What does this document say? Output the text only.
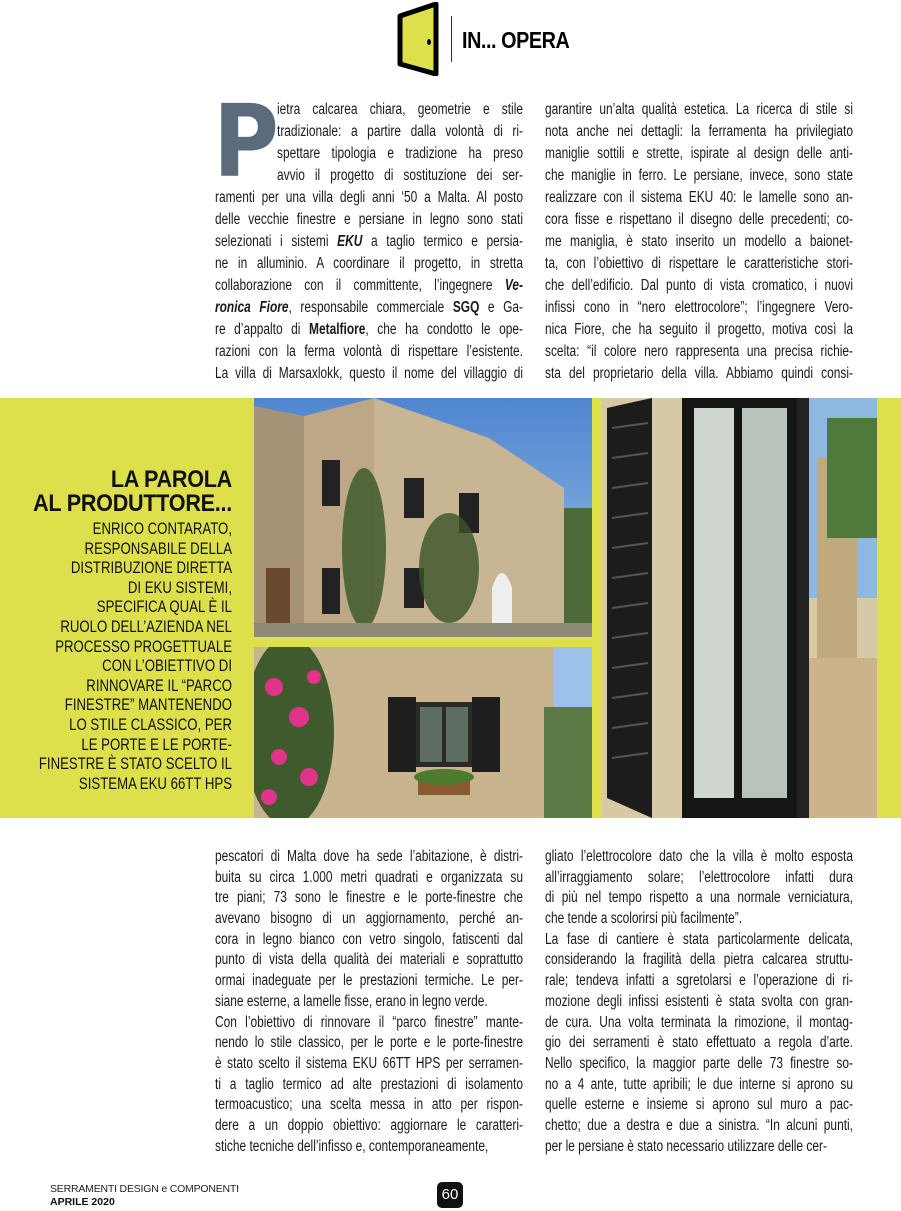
IN... OPERA
P
ietra calcarea chiara, geometrie e stile
tradizionale: a partire dalla volontà di ri-
spettare tipologia e tradizione ha preso
avvio il progetto di sostituzione dei ser-
ramenti per una villa degli anni ‘50 a Malta. Al posto
delle vecchie finestre e persiane in legno sono stati
selezionati i sistemi EKU a taglio termico e persia-
ne in alluminio. A coordinare il progetto, in stretta
collaborazione con il committente, l’ingegnere Ve-
ronica Fiore, responsabile commerciale SGQ e Ga-
re d’appalto di Metalfiore, che ha condotto le ope-
razioni con la ferma volontà di rispettare l’esistente.
La villa di Marsaxlokk, questo il nome del villaggio di
garantire un’alta qualità estetica. La ricerca di stile si
nota anche nei dettagli: la ferramenta ha privilegiato
maniglie sottili e strette, ispirate al design delle anti-
che maniglie in ferro. Le persiane, invece, sono state
realizzare con il sistema EKU 40: le lamelle sono an-
cora fisse e rispettano il disegno delle precedenti; co-
me maniglia, è stato inserito un modello a baionet-
ta, con l’obiettivo di rispettare le caratteristiche stori-
che dell’edificio. Dal punto di vista cromatico, i nuovi
infissi cono in “nero elettrocolore”; l’ingegnere Vero-
nica Fiore, che ha seguito il progetto, motiva così la
scelta: “il colore nero rappresenta una precisa richie-
sta del proprietario della villa. Abbiamo quindi consi-
LA PAROLA
AL PRODUTTORE...
ENRICO CONTARATO,
RESPONSABILE DELLA
DISTRIBUZIONE DIRETTA
DI EKU SISTEMI,
SPECIFICA QUAL È IL
RUOLO DELL’AZIENDA NEL
PROCESSO PROGETTUALE
CON L’OBIETTIVO DI
RINNOVARE IL “PARCO
FINESTRE” MANTENENDO
LO STILE CLASSICO, PER
LE PORTE E LE PORTE-
FINESTRE È STATO SCELTO IL
SISTEMA EKU 66TT HPS
pescatori di Malta dove ha sede l’abitazione, è distri-
buita su circa 1.000 metri quadrati e organizzata su
tre piani; 73 sono le finestre e le porte-finestre che
avevano bisogno di un aggiornamento, perché an-
cora in legno bianco con vetro singolo, fatiscenti dal
punto di vista della qualità dei materiali e soprattutto
ormai inadeguate per le prestazioni termiche. Le per-
siane esterne, a lamelle fisse, erano in legno verde.
Con l’obiettivo di rinnovare il “parco finestre” mante-
nendo lo stile classico, per le porte e le porte-finestre
è stato scelto il sistema EKU 66TT HPS per serramen-
ti a taglio termico ad alte prestazioni di isolamento
termoacustico; una scelta messa in atto per rispon-
dere a un doppio obiettivo: aggiornare le caratteri-
stiche tecniche dell’infisso e, contemporaneamente,
gliato l’elettrocolore dato che la villa è molto esposta
all’irraggiamento solare; l’elettrocolore infatti dura
di più nel tempo rispetto a una normale verniciatura,
che tende a scolorirsi più facilmente”.
La fase di cantiere è stata particolarmente delicata,
considerando la fragilità della pietra calcarea struttu-
rale; tendeva infatti a sgretolarsi e l’operazione di ri-
mozione degli infissi esistenti è stata svolta con gran-
de cura. Una volta terminata la rimozione, il montag-
gio dei serramenti è stato effettuato a regola d’arte.
Nello specifico, la maggior parte delle 73 finestre so-
no a 4 ante, tutte apribili; le due interne si aprono su
quelle esterne e insieme si aprono sul muro a pac-
chetto; due a destra e due a sinistra. “In alcuni punti,
per le persiane è stato necessario utilizzare delle cer-
SERRAMENTI DESIGN e COMPONENTI
APRILE 2020	60
